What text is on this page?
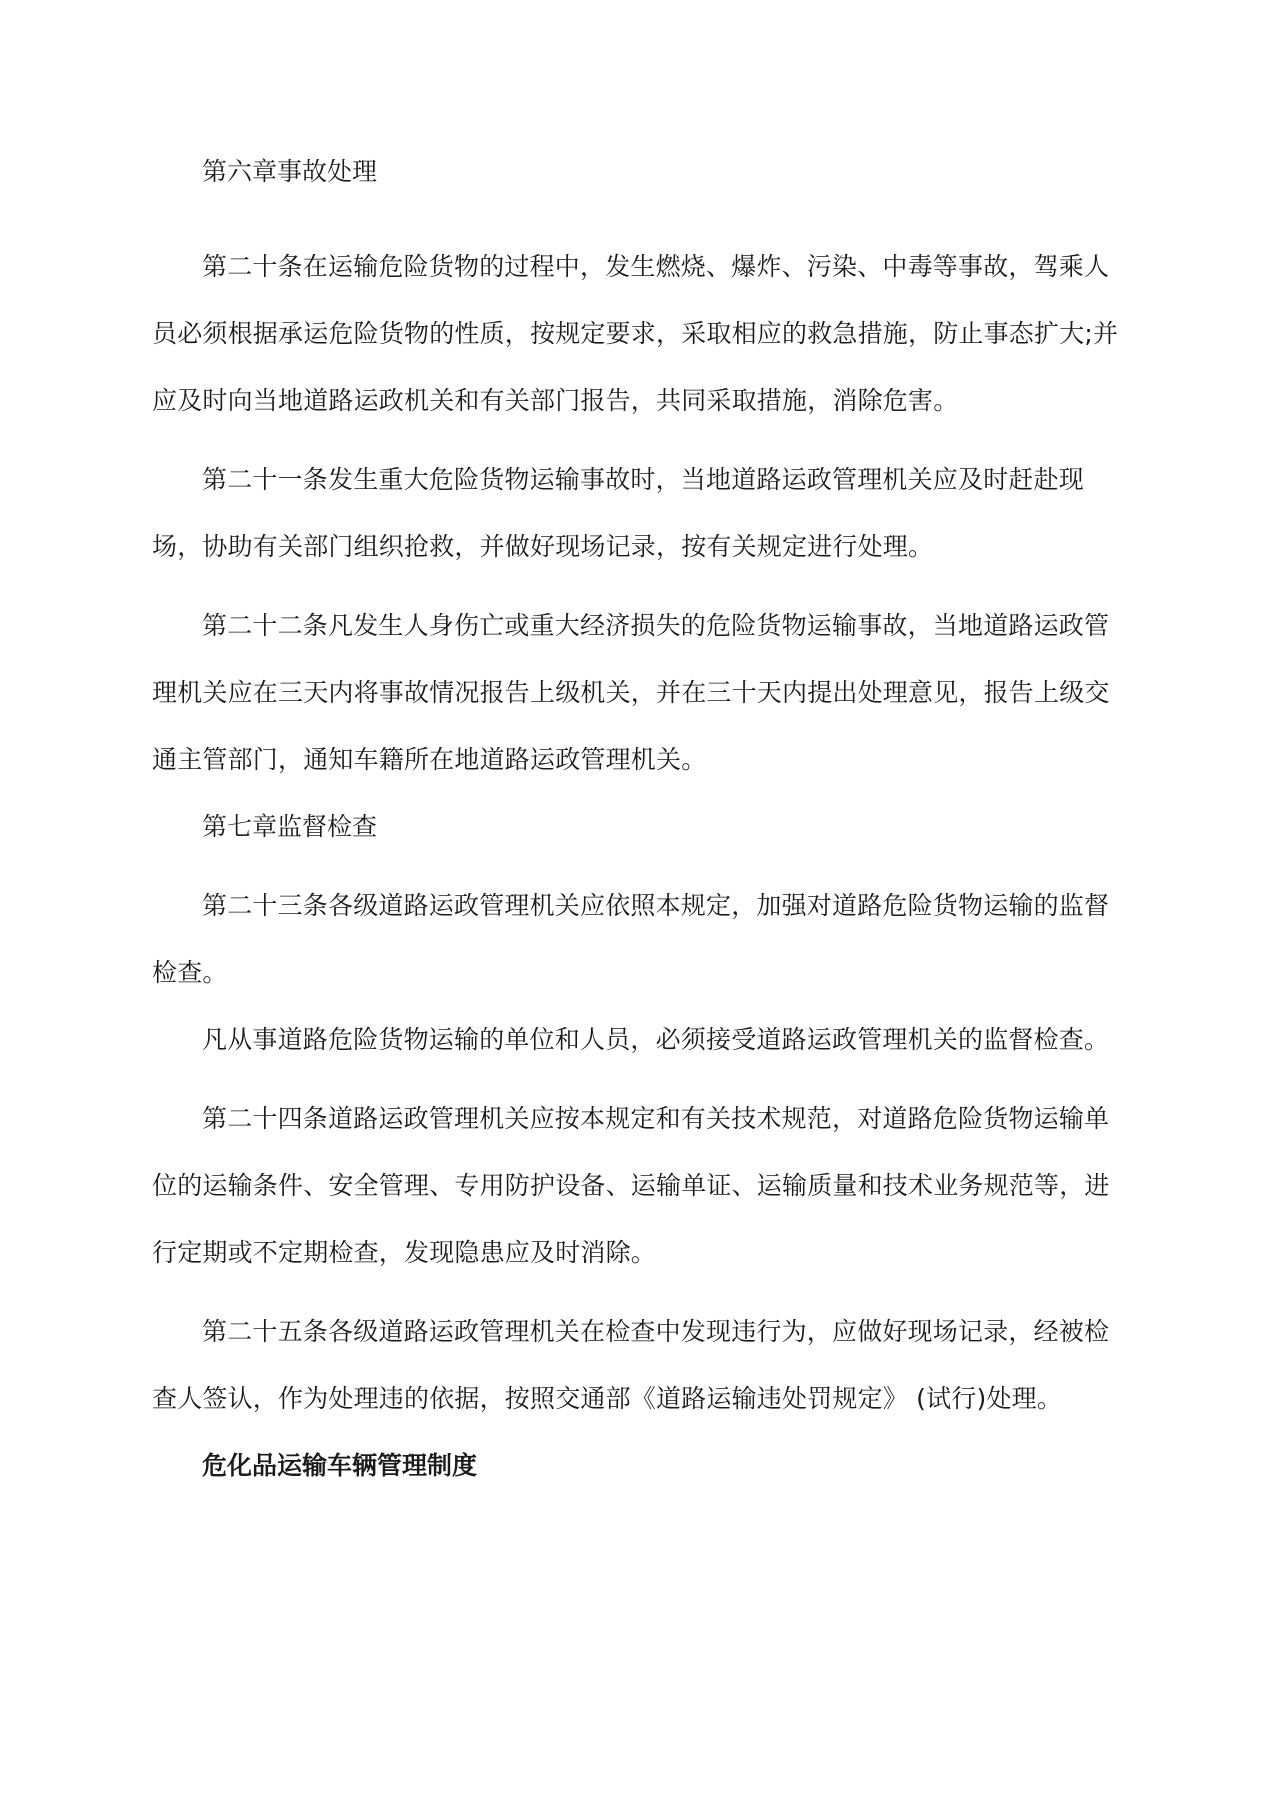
第六章事故处理

第二十条在运输危险货物的过程中，发生燃烧、爆炸、污染、中毒等事故，驾乘人员必须根据承运危险货物的性质，按规定要求，采取相应的救急措施，防止事态扩大;并应及时向当地道路运政机关和有关部门报告，共同采取措施，消除危害。

第二十一条发生重大危险货物运输事故时，当地道路运政管理机关应及时赶赴现场，协助有关部门组织抢救，并做好现场记录，按有关规定进行处理。

第二十二条凡发生人身伤亡或重大经济损失的危险货物运输事故，当地道路运政管理机关应在三天内将事故情况报告上级机关，并在三十天内提出处理意见，报告上级交通主管部门，通知车籍所在地道路运政管理机关。

第七章监督检查

第二十三条各级道路运政管理机关应依照本规定，加强对道路危险货物运输的监督检查。

凡从事道路危险货物运输的单位和人员，必须接受道路运政管理机关的监督检查。

第二十四条道路运政管理机关应按本规定和有关技术规范，对道路危险货物运输单位的运输条件、安全管理、专用防护设备、运输单证、运输质量和技术业务规范等，进行定期或不定期检查，发现隐患应及时消除。

第二十五条各级道路运政管理机关在检查中发现违行为，应做好现场记录，经被检查人签认，作为处理违的依据，按照交通部《道路运输违处罚规定》 (试行)处理。

危化品运输车辆管理制度
